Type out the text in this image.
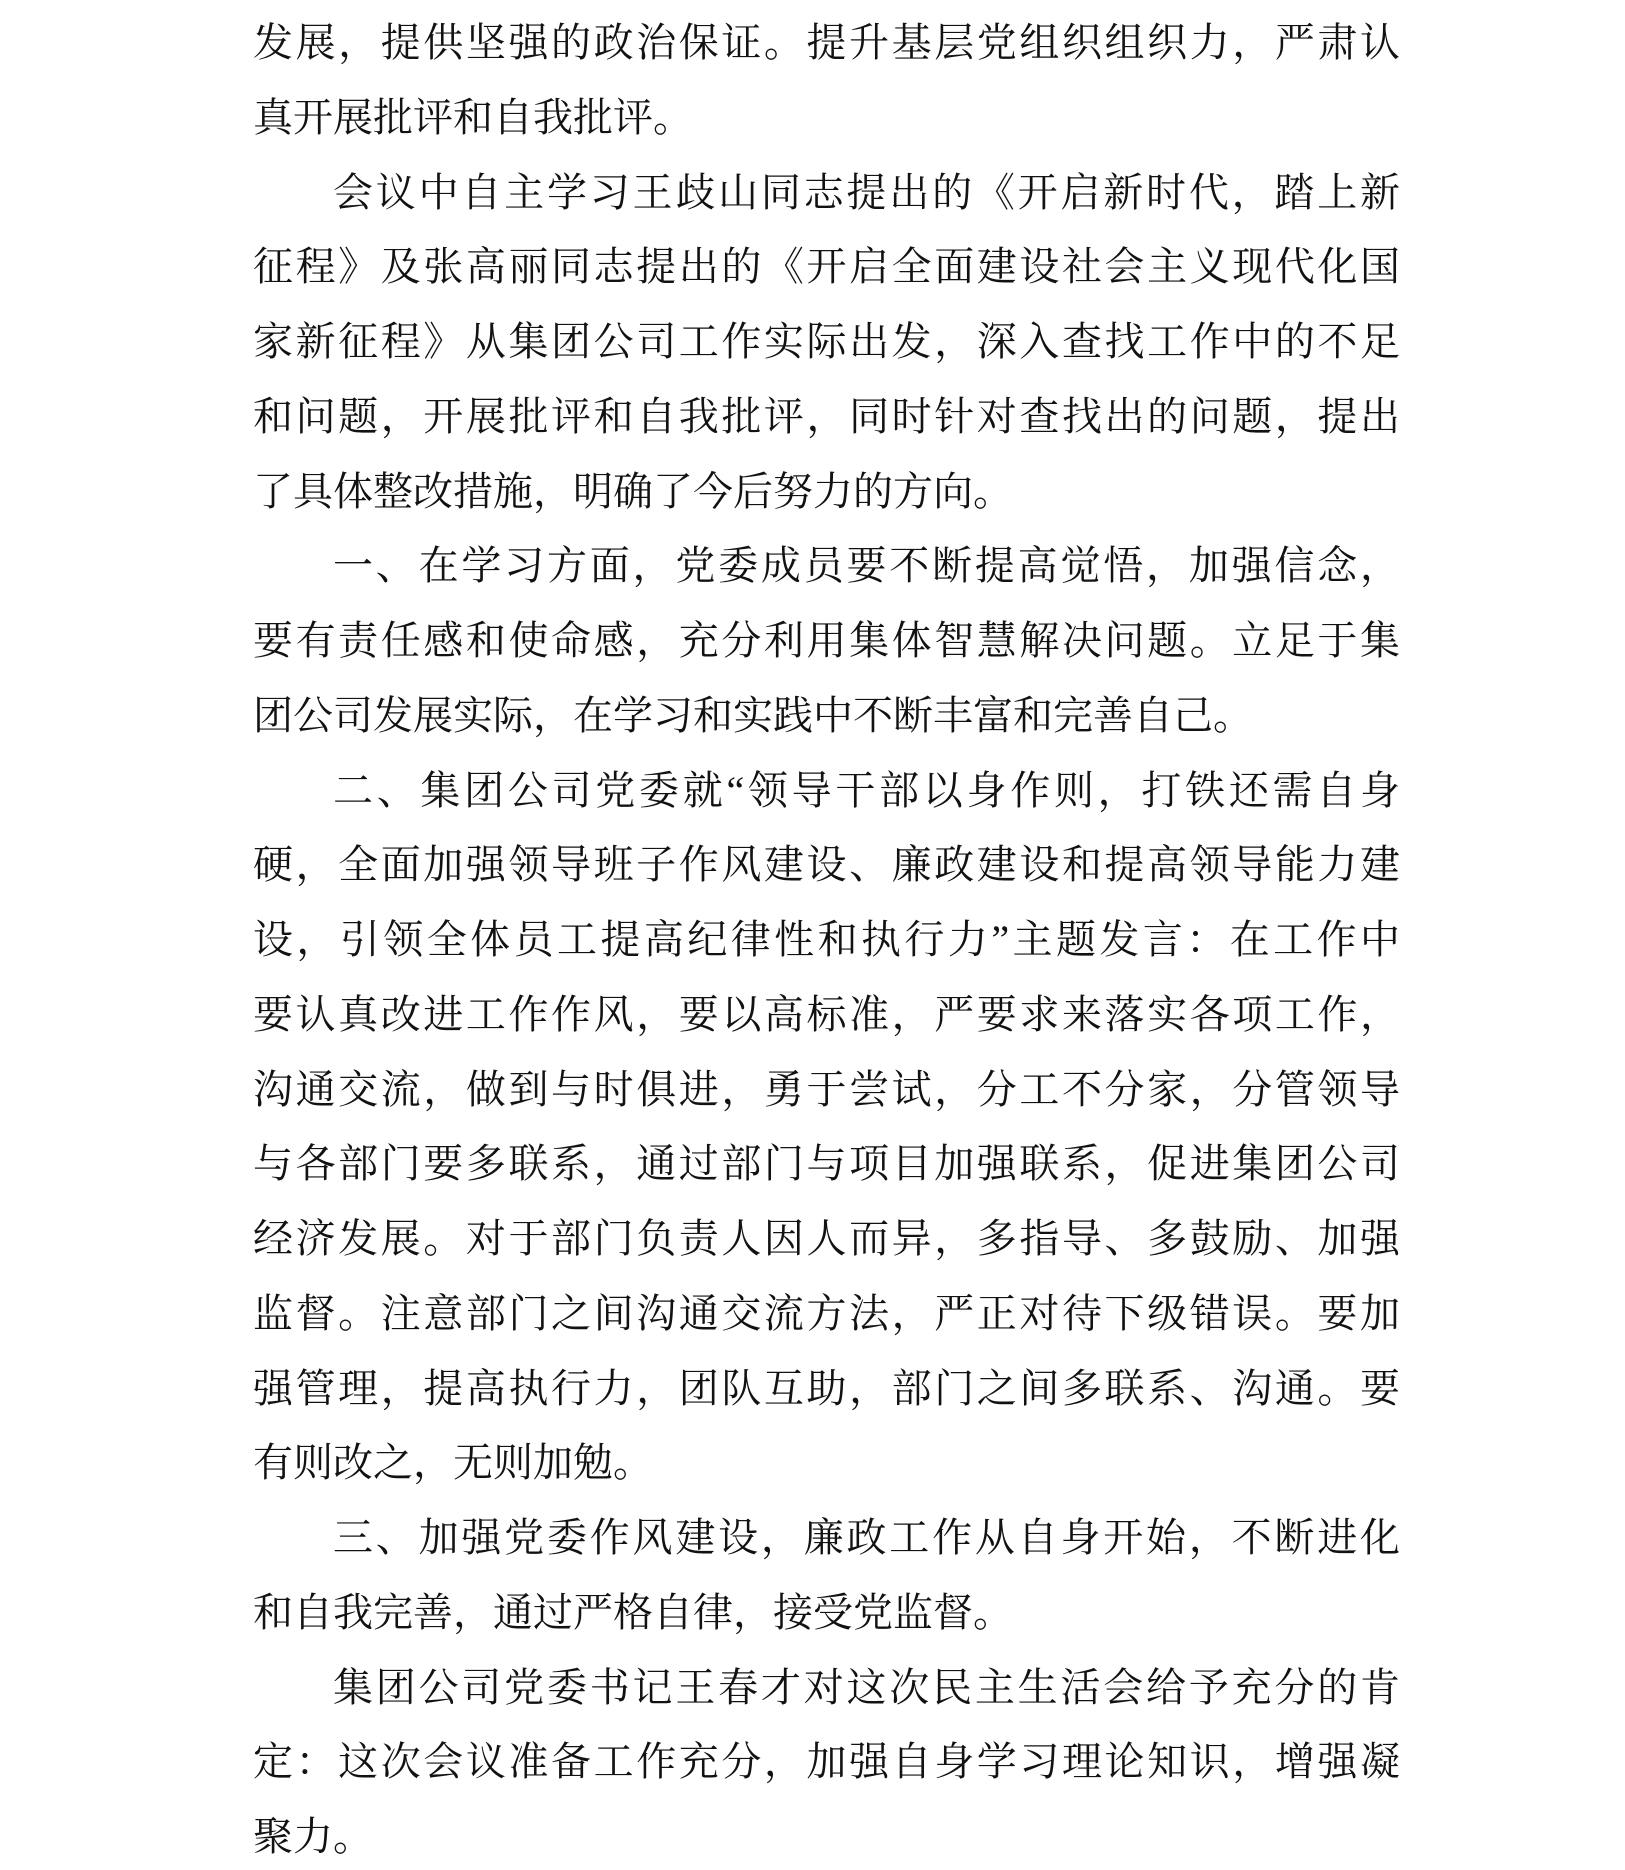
发展，提供坚强的政治保证。提升基层党组织组织力，严肃认
真开展批评和自我批评。
会议中自主学习王歧山同志提出的《开启新时代，踏上新
征程》及张高丽同志提出的《开启全面建设社会主义现代化国
家新征程》从集团公司工作实际出发，深入查找工作中的不足
和问题，开展批评和自我批评，同时针对查找出的问题，提出
了具体整改措施，明确了今后努力的方向。
一、在学习方面，党委成员要不断提高觉悟，加强信念，
要有责任感和使命感，充分利用集体智慧解决问题。立足于集
团公司发展实际，在学习和实践中不断丰富和完善自己。
二、集团公司党委就“领导干部以身作则，打铁还需自身
硬，全面加强领导班子作风建设、廉政建设和提高领导能力建
设，引领全体员工提高纪律性和执行力”主题发言：在工作中
要认真改进工作作风，要以高标准，严要求来落实各项工作，
沟通交流，做到与时俱进，勇于尝试，分工不分家，分管领导
与各部门要多联系，通过部门与项目加强联系，促进集团公司
经济发展。对于部门负责人因人而异，多指导、多鼓励、加强
监督。注意部门之间沟通交流方法，严正对待下级错误。要加
强管理，提高执行力，团队互助，部门之间多联系、沟通。要
有则改之，无则加勉。
三、加强党委作风建设，廉政工作从自身开始，不断进化
和自我完善，通过严格自律，接受党监督。
集团公司党委书记王春才对这次民主生活会给予充分的肯
定：这次会议准备工作充分，加强自身学习理论知识，增强凝
聚力。
